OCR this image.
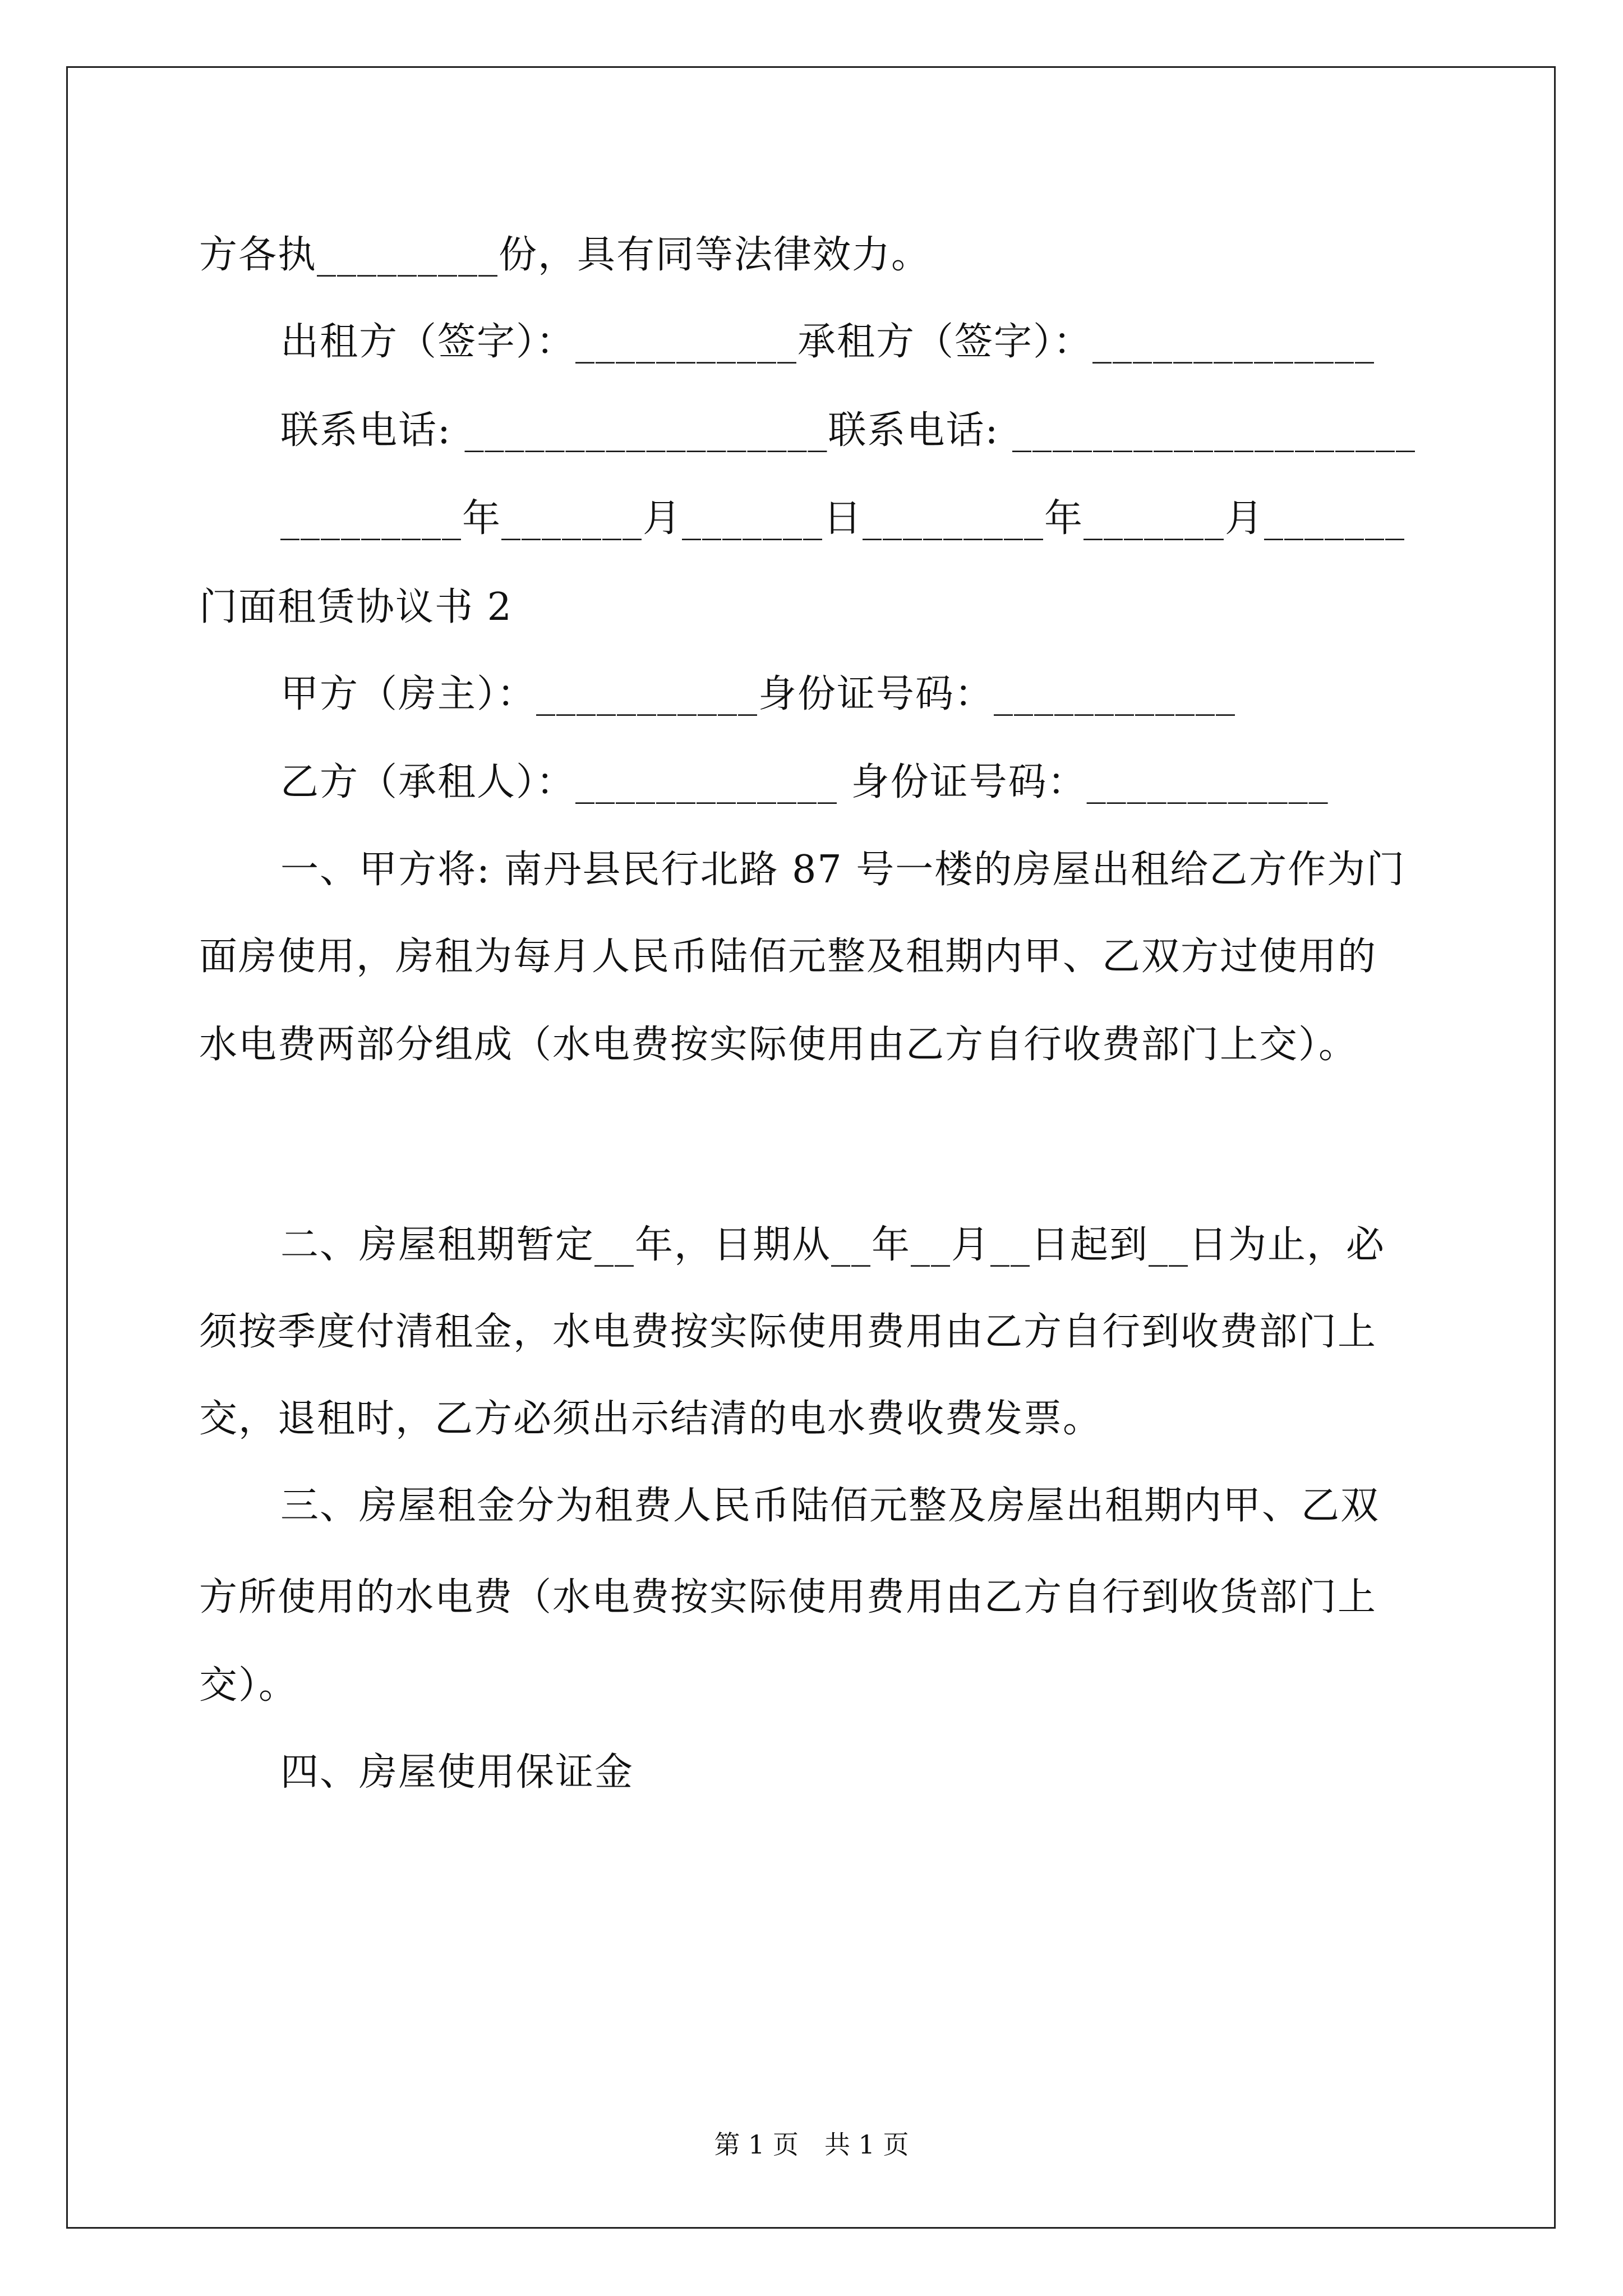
方各执_________份，具有同等法律效力。
出租方（签字）：___________承租方（签字）：______________
联系电话: __________________联系电话: ____________________
_________年_______月_______日_________年_______月_______
门面租赁协议书 2
甲方（房主）：___________身份证号码：____________
乙方（承租人）：_____________ 身份证号码：____________
一、甲方将: 南丹县民行北路 87 号一楼的房屋出租给乙方作为门
面房使用，房租为每月人民币陆佰元整及租期内甲、乙双方过使用的
水电费两部分组成（水电费按实际使用由乙方自行收费部门上交）。
二、房屋租期暂定__年，日期从__年__月__日起到__日为止，必
须按季度付清租金，水电费按实际使用费用由乙方自行到收费部门上
交，退租时，乙方必须出示结清的电水费收费发票。
三、房屋租金分为租费人民币陆佰元整及房屋出租期内甲、乙双
方所使用的水电费（水电费按实际使用费用由乙方自行到收货部门上
交）。
四、房屋使用保证金
第 1 页　共 1 页
